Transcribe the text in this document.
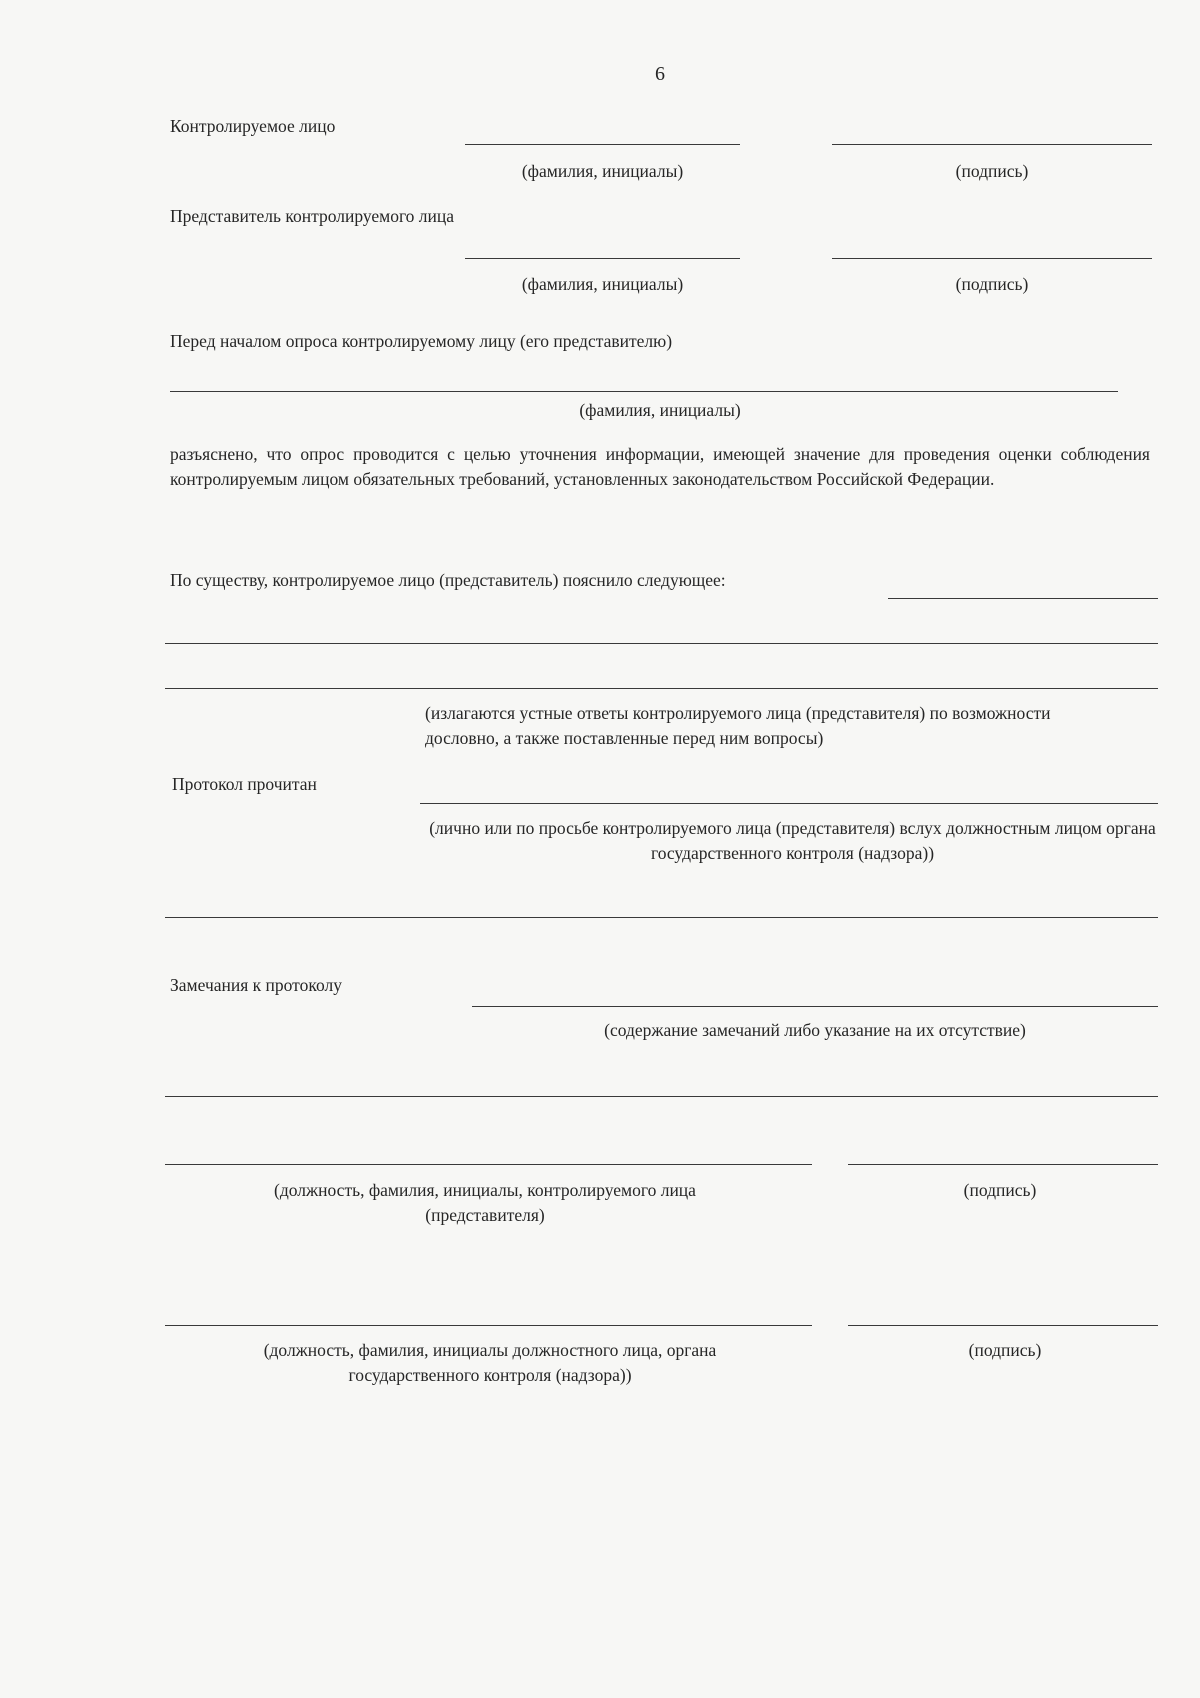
6
Контролируемое лицо
(фамилия, инициалы)	(подпись)
Представитель контролируемого лица
(фамилия, инициалы)	(подпись)
Перед началом опроса контролируемому лицу (его представителю)
(фамилия, инициалы)
разъяснено, что опрос проводится с целью уточнения информации, имеющей значение для проведения оценки соблюдения контролируемым лицом обязательных требований, установленных законодательством Российской Федерации.
По существу, контролируемое лицо (представитель) пояснило следующее:
(излагаются устные ответы контролируемого лица (представителя) по возможности дословно, а также поставленные перед ним вопросы)
Протокол прочитан
(лично или по просьбе контролируемого лица (представителя) вслух должностным лицом органа государственного контроля (надзора))
Замечания к протоколу
(содержание замечаний либо указание на их отсутствие)
(должность, фамилия, инициалы, контролируемого лица (представителя)
(подпись)
(должность, фамилия, инициалы должностного лица, органа государственного контроля (надзора))
(подпись)
